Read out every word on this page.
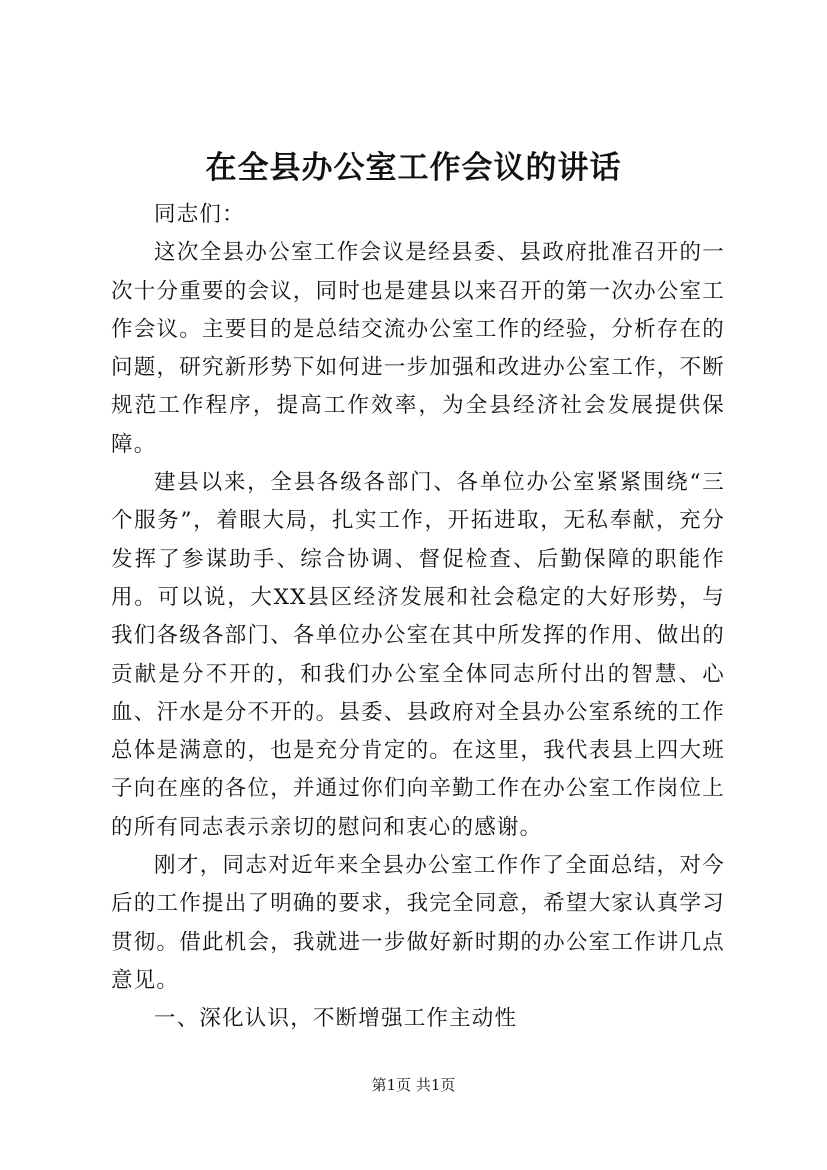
在全县办公室工作会议的讲话

同志们：

这次全县办公室工作会议是经县委、县政府批准召开的一次十分重要的会议，同时也是建县以来召开的第一次办公室工作会议。主要目的是总结交流办公室工作的经验，分析存在的问题，研究新形势下如何进一步加强和改进办公室工作，不断规范工作程序，提高工作效率，为全县经济社会发展提供保障。

建县以来，全县各级各部门、各单位办公室紧紧围绕“三个服务”，着眼大局，扎实工作，开拓进取，无私奉献，充分发挥了参谋助手、综合协调、督促检查、后勤保障的职能作用。可以说，大XX县区经济发展和社会稳定的大好形势，与我们各级各部门、各单位办公室在其中所发挥的作用、做出的贡献是分不开的，和我们办公室全体同志所付出的智慧、心血、汗水是分不开的。县委、县政府对全县办公室系统的工作总体是满意的，也是充分肯定的。在这里，我代表县上四大班子向在座的各位，并通过你们向辛勤工作在办公室工作岗位上的所有同志表示亲切的慰问和衷心的感谢。

刚才，同志对近年来全县办公室工作作了全面总结，对今后的工作提出了明确的要求，我完全同意，希望大家认真学习贯彻。借此机会，我就进一步做好新时期的办公室工作讲几点意见。

一、深化认识，不断增强工作主动性

第1页 共1页
